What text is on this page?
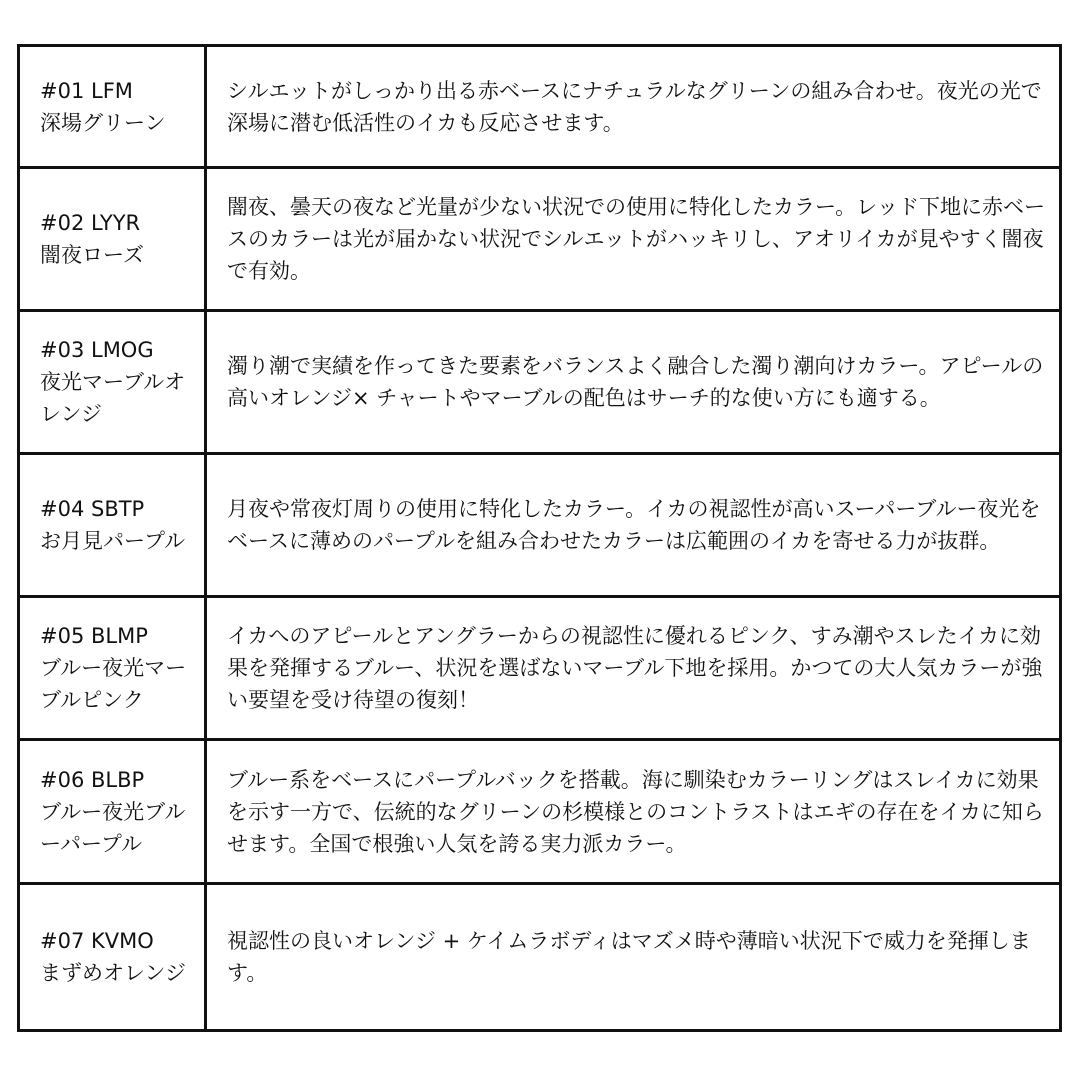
#01 LFM
深場グリーン	シルエットがしっかり出る赤ベースにナチュラルなグリーンの組み合わせ。夜光の光で深場に潜む低活性のイカも反応させます。

#02 LYYR
闇夜ローズ	闇夜、曇天の夜など光量が少ない状況での使用に特化したカラー。レッド下地に赤ベースのカラーは光が届かない状況でシルエットがハッキリし、アオリイカが見やすく闇夜で有効。

#03 LMOG
夜光マーブルオレンジ	濁り潮で実績を作ってきた要素をバランスよく融合した濁り潮向けカラー。アピールの高いオレンジ× チャートやマーブルの配色はサーチ的な使い方にも適する。

#04 SBTP
お月見パープル	月夜や常夜灯周りの使用に特化したカラー。イカの視認性が高いスーパーブルー夜光をベースに薄めのパープルを組み合わせたカラーは広範囲のイカを寄せる力が抜群。

#05 BLMP
ブルー夜光マーブルピンク	イカへのアピールとアングラーからの視認性に優れるピンク、すみ潮やスレたイカに効果を発揮するブルー、状況を選ばないマーブル下地を採用。かつての大人気カラーが強い要望を受け待望の復刻！

#06 BLBP
ブルー夜光ブルーパープル	ブルー系をベースにパープルバックを搭載。海に馴染むカラーリングはスレイカに効果を示す一方で、伝統的なグリーンの杉模様とのコントラストはエギの存在をイカに知らせます。全国で根強い人気を誇る実力派カラー。

#07 KVMO
まずめオレンジ	視認性の良いオレンジ + ケイムラボディはマズメ時や薄暗い状況下で威力を発揮します。
